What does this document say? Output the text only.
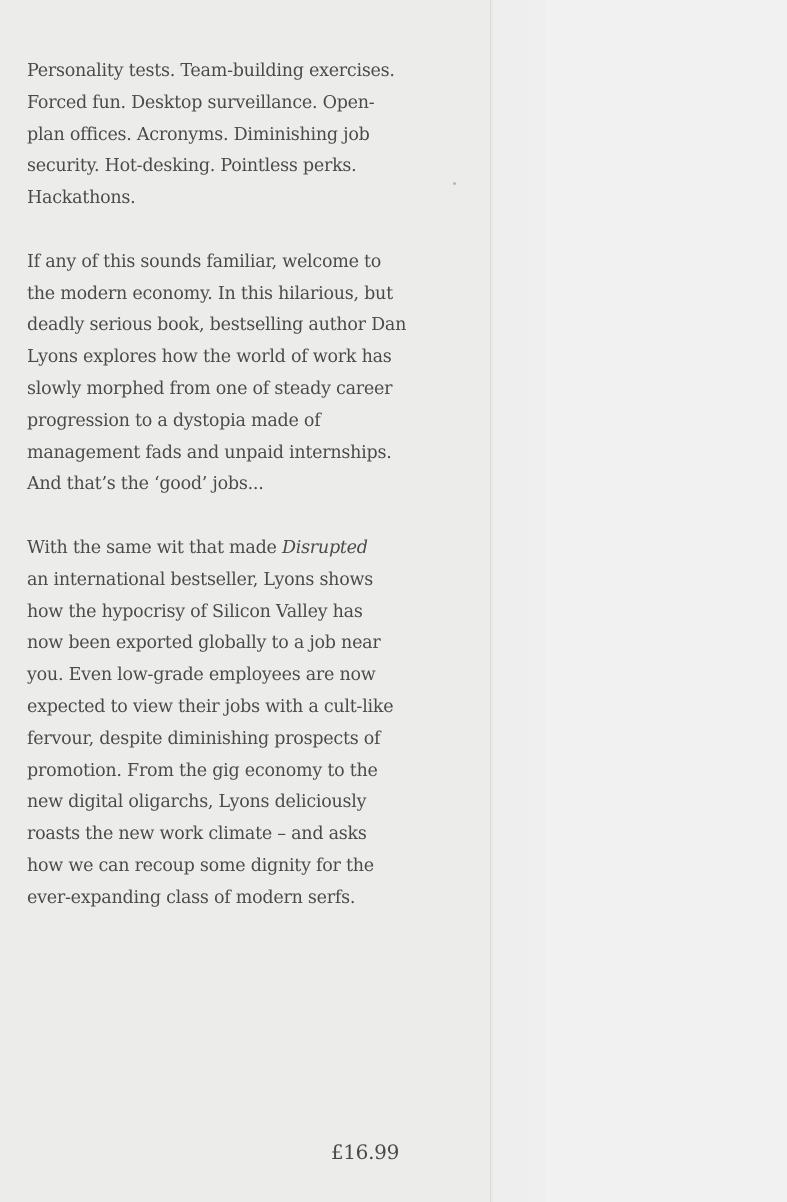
Personality tests. Team-building exercises.
Forced fun. Desktop surveillance. Open-
plan offices. Acronyms. Diminishing job
security. Hot-desking. Pointless perks.
Hackathons.

If any of this sounds familiar, welcome to
the modern economy. In this hilarious, but
deadly serious book, bestselling author Dan
Lyons explores how the world of work has
slowly morphed from one of steady career
progression to a dystopia made of
management fads and unpaid internships.
And that’s the ‘good’ jobs...

With the same wit that made Disrupted
an international bestseller, Lyons shows
how the hypocrisy of Silicon Valley has
now been exported globally to a job near
you. Even low-grade employees are now
expected to view their jobs with a cult-like
fervour, despite diminishing prospects of
promotion. From the gig economy to the
new digital oligarchs, Lyons deliciously
roasts the new work climate – and asks
how we can recoup some dignity for the
ever-expanding class of modern serfs.

£16.99
